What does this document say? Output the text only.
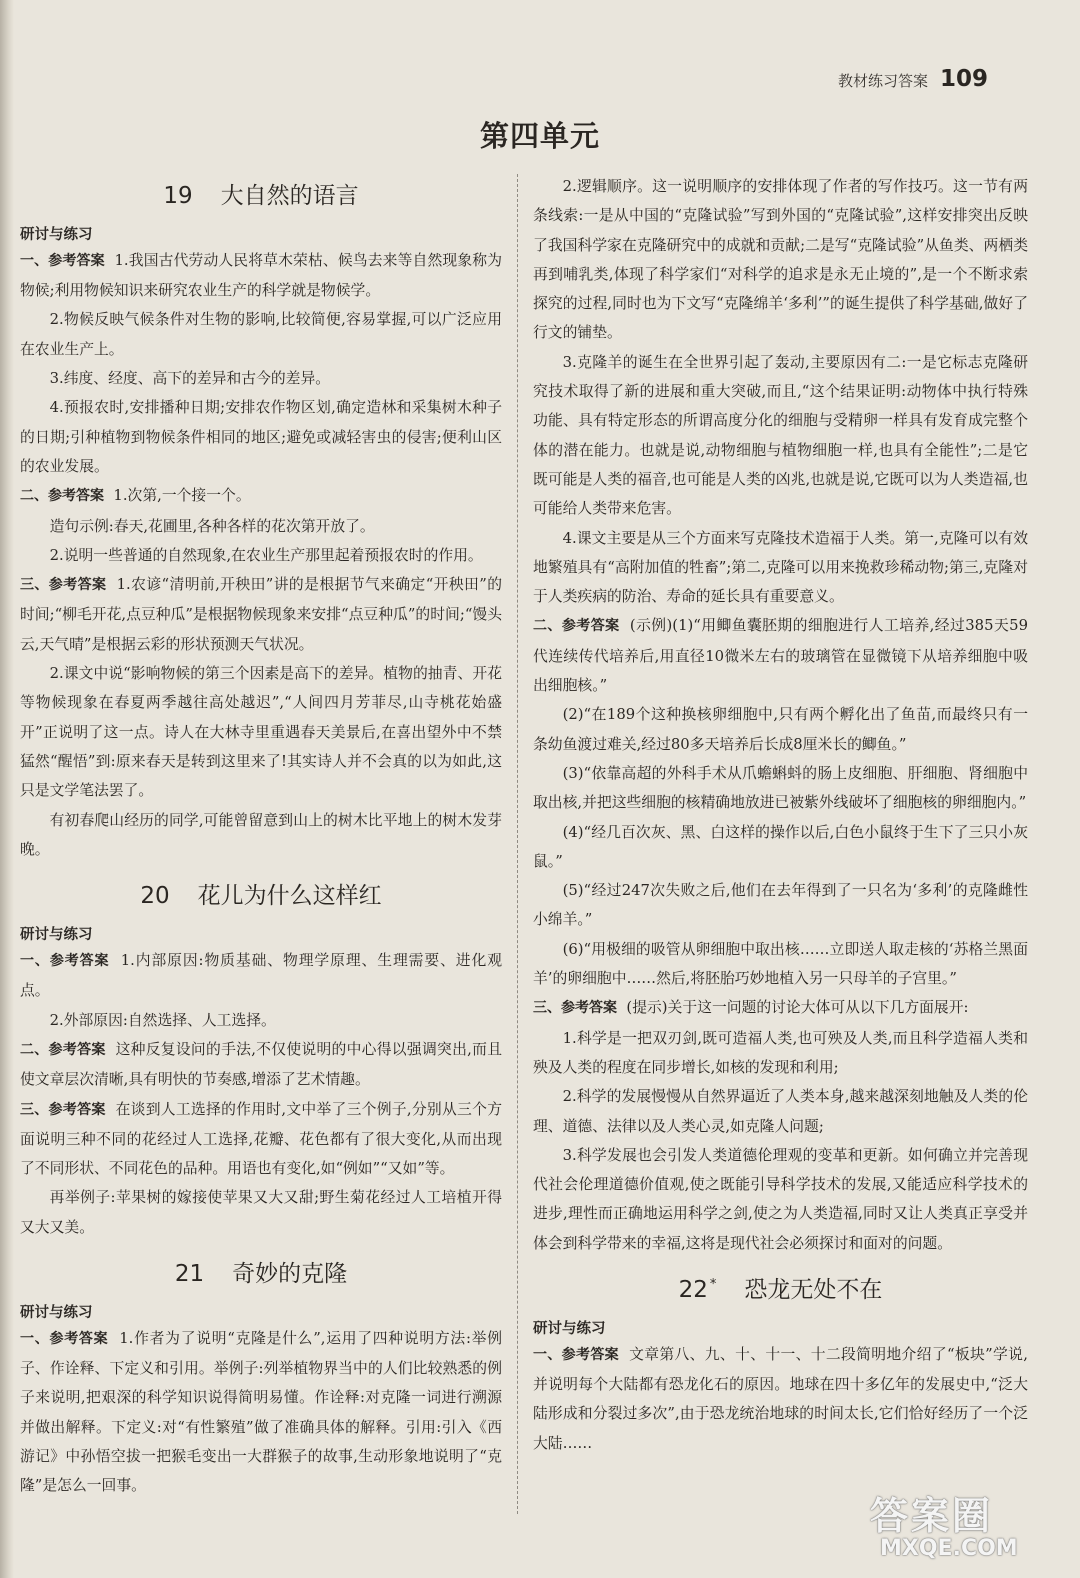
教材练习答案 109
第四单元
19 大自然的语言
研讨与练习

一、参考答案 1.我国古代劳动人民将草木荣枯、候鸟去来等自然现象称为物候;利用物候知识来研究农业生产的科学就是物候学。

2.物候反映气候条件对生物的影响,比较简便,容易掌握,可以广泛应用在农业生产上。

3.纬度、经度、高下的差异和古今的差异。

4.预报农时,安排播种日期;安排农作物区划,确定造林和采集树木种子的日期;引种植物到物候条件相同的地区;避免或减轻害虫的侵害;便利山区的农业发展。

二、参考答案 1.次第,一个接一个。

造句示例:春天,花圃里,各种各样的花次第开放了。

2.说明一些普通的自然现象,在农业生产那里起着预报农时的作用。

三、参考答案 1.农谚“清明前,开秧田”讲的是根据节气来确定“开秧田”的时间;“柳毛开花,点豆种瓜”是根据物候现象来安排“点豆种瓜”的时间;“馒头云,天气晴”是根据云彩的形状预测天气状况。

2.课文中说“影响物候的第三个因素是高下的差异。植物的抽青、开花等物候现象在春夏两季越往高处越迟”,“人间四月芳菲尽,山寺桃花始盛开”正说明了这一点。诗人在大林寺里重遇春天美景后,在喜出望外中不禁猛然“醒悟”到:原来春天是转到这里来了!其实诗人并不会真的以为如此,这只是文学笔法罢了。

有初春爬山经历的同学,可能曾留意到山上的树木比平地上的树木发芽晚。

20 花儿为什么这样红
研讨与练习

一、参考答案 1.内部原因:物质基础、物理学原理、生理需要、进化观点。

2.外部原因:自然选择、人工选择。

二、参考答案 这种反复设问的手法,不仅使说明的中心得以强调突出,而且使文章层次清晰,具有明快的节奏感,增添了艺术情趣。

三、参考答案 在谈到人工选择的作用时,文中举了三个例子,分别从三个方面说明三种不同的花经过人工选择,花瓣、花色都有了很大变化,从而出现了不同形状、不同花色的品种。用语也有变化,如“例如”“又如”等。

再举例子:苹果树的嫁接使苹果又大又甜;野生菊花经过人工培植开得又大又美。

21 奇妙的克隆
研讨与练习

一、参考答案 1.作者为了说明“克隆是什么”,运用了四种说明方法:举例子、作诠释、下定义和引用。举例子:列举植物界当中的人们比较熟悉的例子来说明,把艰深的科学知识说得简明易懂。作诠释:对克隆一词进行溯源并做出解释。下定义:对“有性繁殖”做了准确具体的解释。引用:引入《西游记》中孙悟空拔一把猴毛变出一大群猴子的故事,生动形象地说明了“克隆”是怎么一回事。

2.逻辑顺序。这一说明顺序的安排体现了作者的写作技巧。这一节有两条线索:一是从中国的“克隆试验”写到外国的“克隆试验”,这样安排突出反映了我国科学家在克隆研究中的成就和贡献;二是写“克隆试验”从鱼类、两栖类再到哺乳类,体现了科学家们“对科学的追求是永无止境的”,是一个不断求索探究的过程,同时也为下文写“克隆绵羊‘多利’”的诞生提供了科学基础,做好了行文的铺垫。

3.克隆羊的诞生在全世界引起了轰动,主要原因有二:一是它标志克隆研究技术取得了新的进展和重大突破,而且,“这个结果证明:动物体中执行特殊功能、具有特定形态的所谓高度分化的细胞与受精卵一样具有发育成完整个体的潜在能力。也就是说,动物细胞与植物细胞一样,也具有全能性”;二是它既可能是人类的福音,也可能是人类的凶兆,也就是说,它既可以为人类造福,也可能给人类带来危害。

4.课文主要是从三个方面来写克隆技术造福于人类。第一,克隆可以有效地繁殖具有“高附加值的牲畜”;第二,克隆可以用来挽救珍稀动物;第三,克隆对于人类疾病的防治、寿命的延长具有重要意义。

二、参考答案 (示例)(1)“用鲫鱼囊胚期的细胞进行人工培养,经过385天59代连续传代培养后,用直径10微米左右的玻璃管在显微镜下从培养细胞中吸出细胞核。”

(2)“在189个这种换核卵细胞中,只有两个孵化出了鱼苗,而最终只有一条幼鱼渡过难关,经过80多天培养后长成8厘米长的鲫鱼。”

(3)“依靠高超的外科手术从爪蟾蝌蚪的肠上皮细胞、肝细胞、肾细胞中取出核,并把这些细胞的核精确地放进已被紫外线破坏了细胞核的卵细胞内。”

(4)“经几百次灰、黑、白这样的操作以后,白色小鼠终于生下了三只小灰鼠。”

(5)“经过247次失败之后,他们在去年得到了一只名为‘多利’的克隆雌性小绵羊。”

(6)“用极细的吸管从卵细胞中取出核……立即送人取走核的‘苏格兰黑面羊’的卵细胞中……然后,将胚胎巧妙地植入另一只母羊的子宫里。”

三、参考答案 (提示)关于这一问题的讨论大体可从以下几方面展开:

1.科学是一把双刃剑,既可造福人类,也可殃及人类,而且科学造福人类和殃及人类的程度在同步增长,如核的发现和利用;

2.科学的发展慢慢从自然界逼近了人类本身,越来越深刻地触及人类的伦理、道德、法律以及人类心灵,如克隆人问题;

3.科学发展也会引发人类道德伦理观的变革和更新。如何确立并完善现代社会伦理道德价值观,使之既能引导科学技术的发展,又能适应科学技术的进步,理性而正确地运用科学之剑,使之为人类造福,同时又让人类真正享受并体会到科学带来的幸福,这将是现代社会必须探讨和面对的问题。

22 * 恐龙无处不在
研讨与练习

一、参考答案 文章第八、九、十、十一、十二段简明地介绍了“板块”学说,并说明每个大陆都有恐龙化石的原因。地球在四十多亿年的发展史中,“泛大陆形成和分裂过多次”,由于恐龙统治地球的时间太长,它们恰好经历了一个泛大陆……

答案圈
MXQE.COM
